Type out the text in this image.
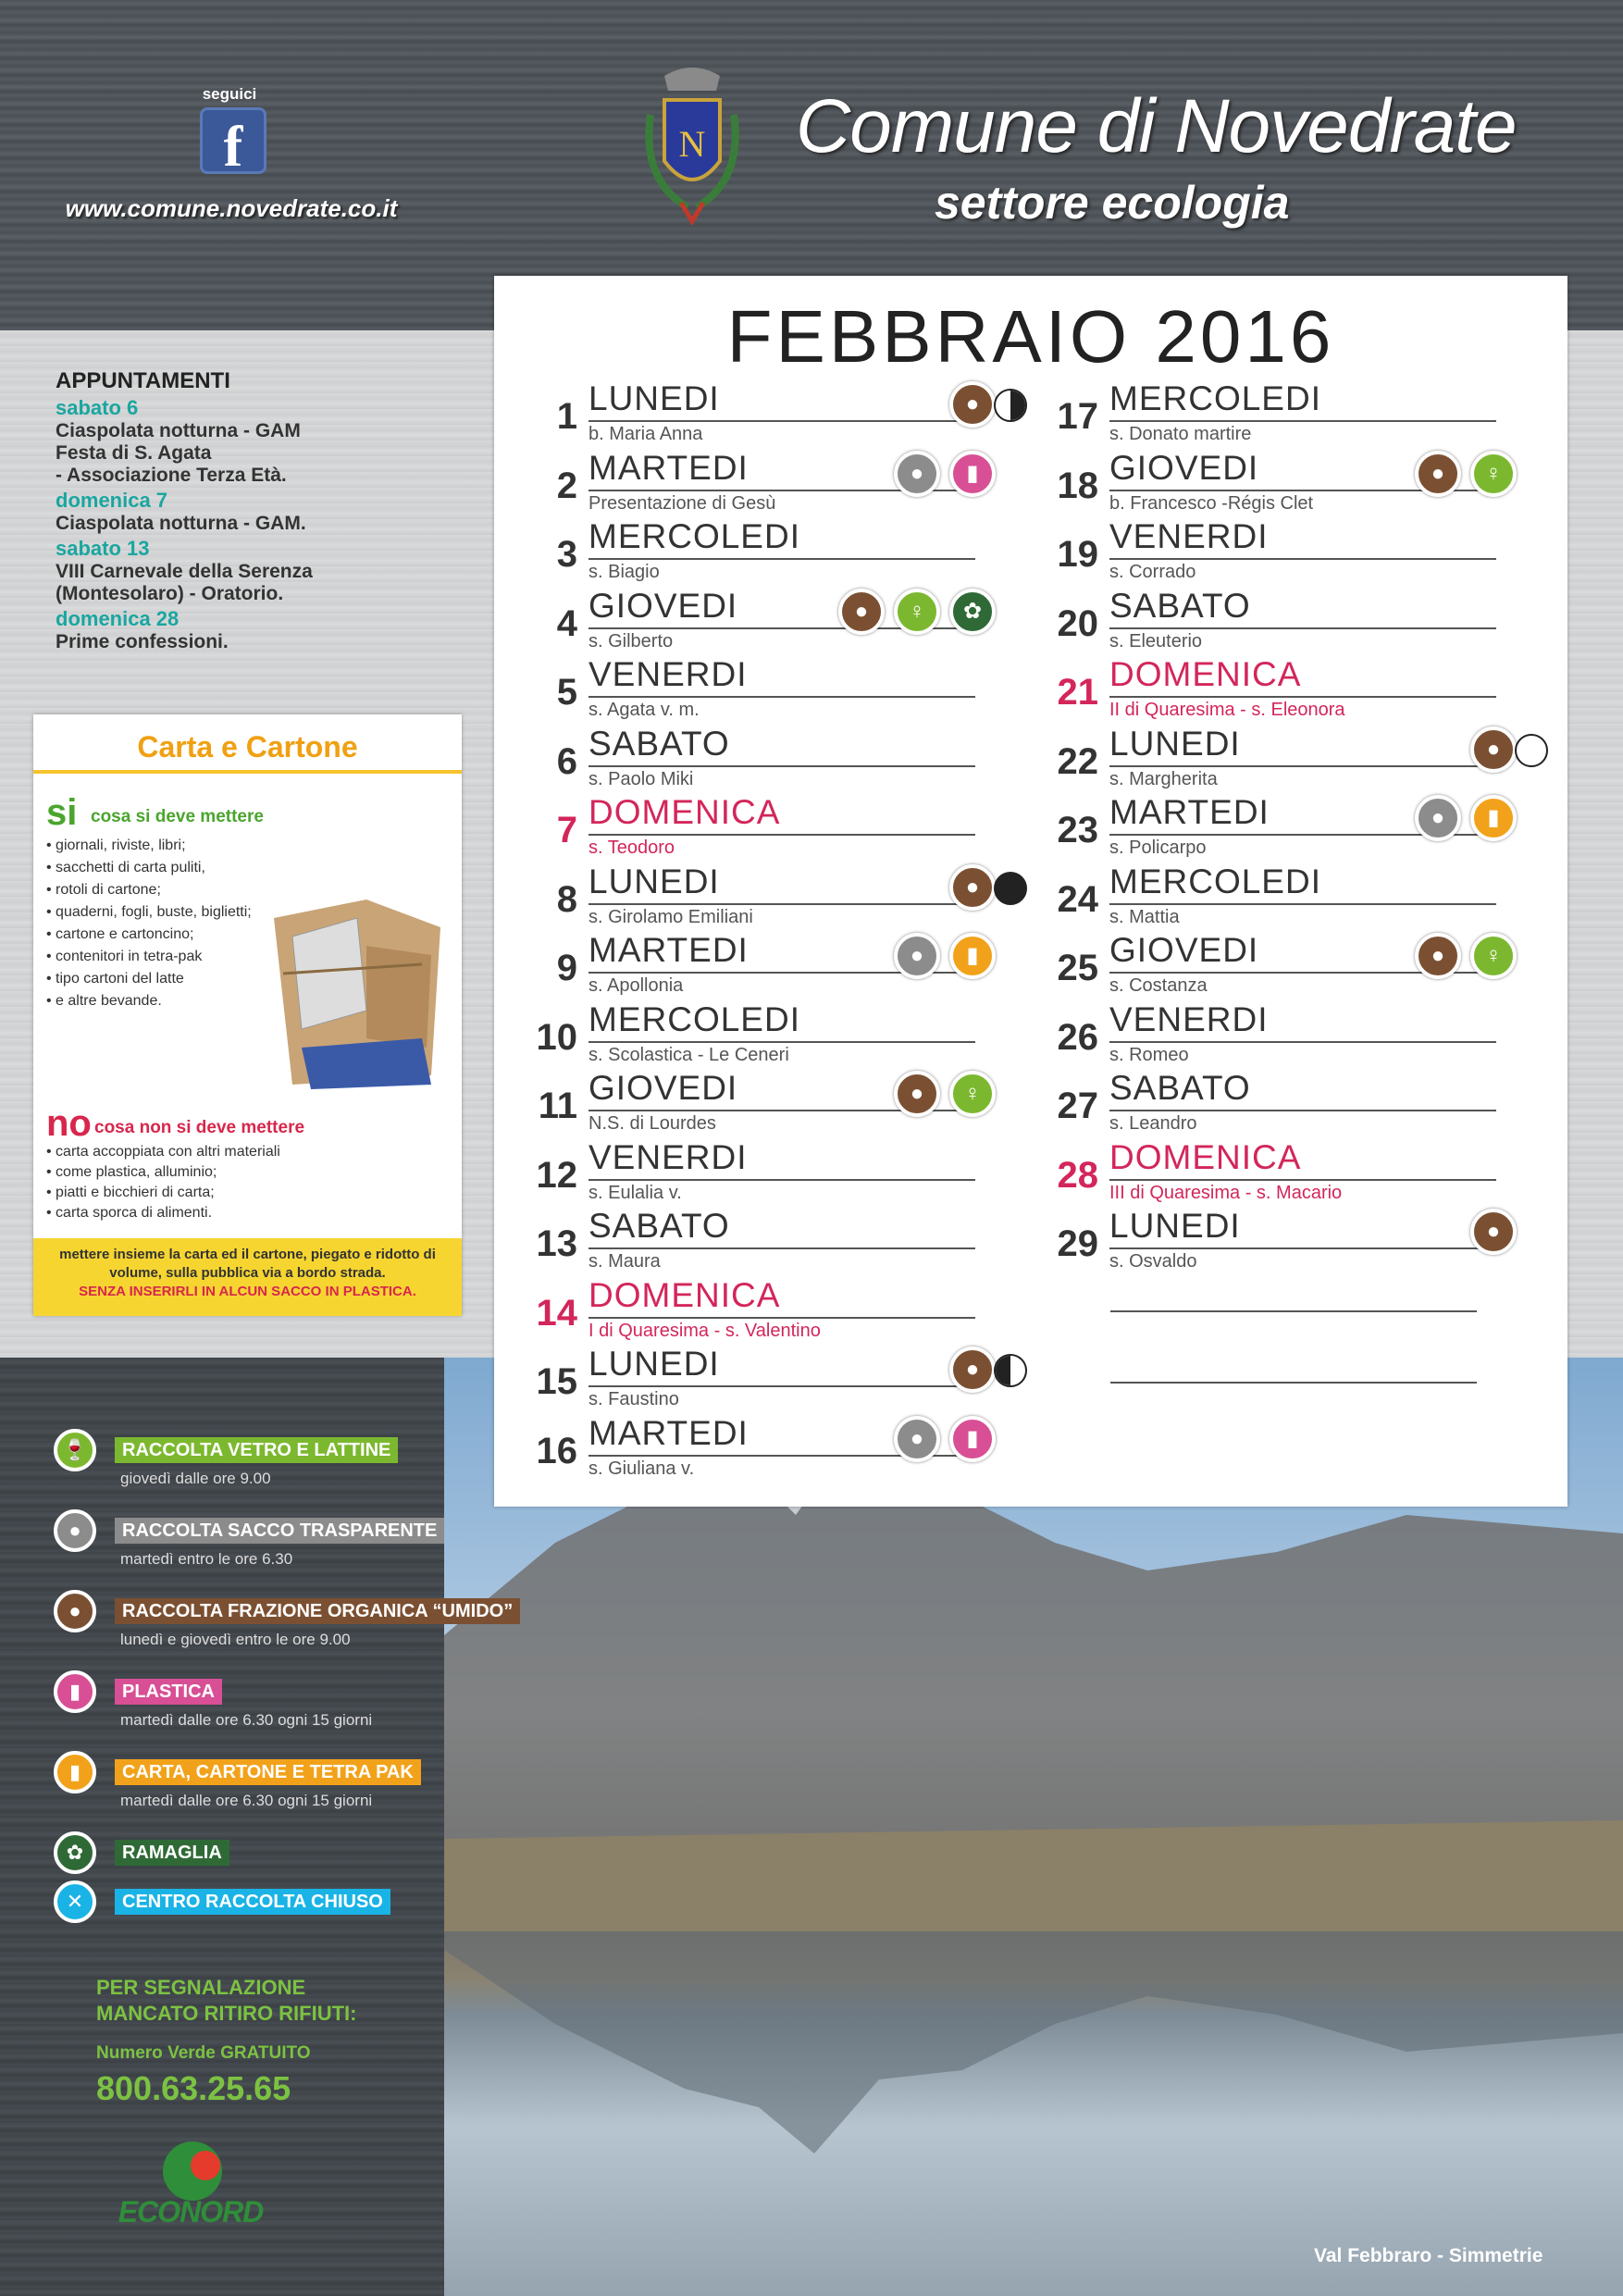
seguici
f
www.comune.novedrate.co.it
N Comune di Novedrate
settore ecologia
FEBBRAIO 2016
1 LUNEDI
b. Maria Anna
●
2 MARTEDI
Presentazione di Gesù
●	▮
3 MERCOLEDI
s. Biagio
4 GIOVEDI
s. Gilberto
●	♀	✿
5 VENERDI
s. Agata v. m.
6 SABATO
s. Paolo Miki
7 DOMENICA
s. Teodoro
8 LUNEDI
s. Girolamo Emiliani
●
9 MARTEDI
s. Apollonia
●	▮
10 MERCOLEDI
s. Scolastica - Le Ceneri
11 GIOVEDI
N.S. di Lourdes
●	♀
12 VENERDI
s. Eulalia v.
13 SABATO
s. Maura
14 DOMENICA
I di Quaresima - s. Valentino
15 LUNEDI
s. Faustino
●
16 MARTEDI
s. Giuliana v.
●	▮
17 MERCOLEDI
s. Donato martire
18 GIOVEDI
b. Francesco -Régis Clet
●	♀
19 VENERDI
s. Corrado
20 SABATO
s. Eleuterio
21 DOMENICA
II di Quaresima - s. Eleonora
22 LUNEDI
s. Margherita
●
23 MARTEDI
s. Policarpo
●	▮
24 MERCOLEDI
s. Mattia
25 GIOVEDI
s. Costanza
●	♀
26 VENERDI
s. Romeo
27 SABATO
s. Leandro
28 DOMENICA
III di Quaresima - s. Macario
29 LUNEDI
s. Osvaldo
●
APPUNTAMENTI
sabato 6
Ciaspolata notturna - GAM
Festa di S. Agata
- Associazione Terza Età.
domenica 7
Ciaspolata notturna - GAM.
sabato 13
VIII Carnevale della Serenza
(Montesolaro) - Oratorio.
domenica 28
Prime confessioni.
Carta e Cartone
si cosa si deve mettere
• giornali, riviste, libri;
• sacchetti di carta puliti,
• rotoli di cartone;
• quaderni, fogli, buste, biglietti;
• cartone e cartoncino;
• contenitori in tetra-pak
• tipo cartoni del latte
• e altre bevande.
no cosa non si deve mettere
• carta accoppiata con altri materiali
• come plastica, alluminio;
• piatti e bicchieri di carta;
• carta sporca di alimenti.
mettere insieme la carta ed il cartone, piegato e ridotto di volume, sulla pubblica via a bordo strada.
SENZA INSERIRLI IN ALCUN SACCO IN PLASTICA.
🍷	RACCOLTA VETRO E LATTINE
giovedì dalle ore 9.00
●	RACCOLTA SACCO TRASPARENTE
martedì entro le ore 6.30
●	RACCOLTA FRAZIONE ORGANICA “UMIDO”
lunedì e giovedì entro le ore 9.00
▮	PLASTICA
martedì dalle ore 6.30 ogni 15 giorni
▮	CARTA, CARTONE E TETRA PAK
martedì dalle ore 6.30 ogni 15 giorni
✿	RAMAGLIA
✕	CENTRO RACCOLTA CHIUSO
PER SEGNALAZIONE
MANCATO RITIRO RIFIUTI:
Numero Verde GRATUITO
800.63.25.65
ECONORD
Val Febbraro - Simmetrie
